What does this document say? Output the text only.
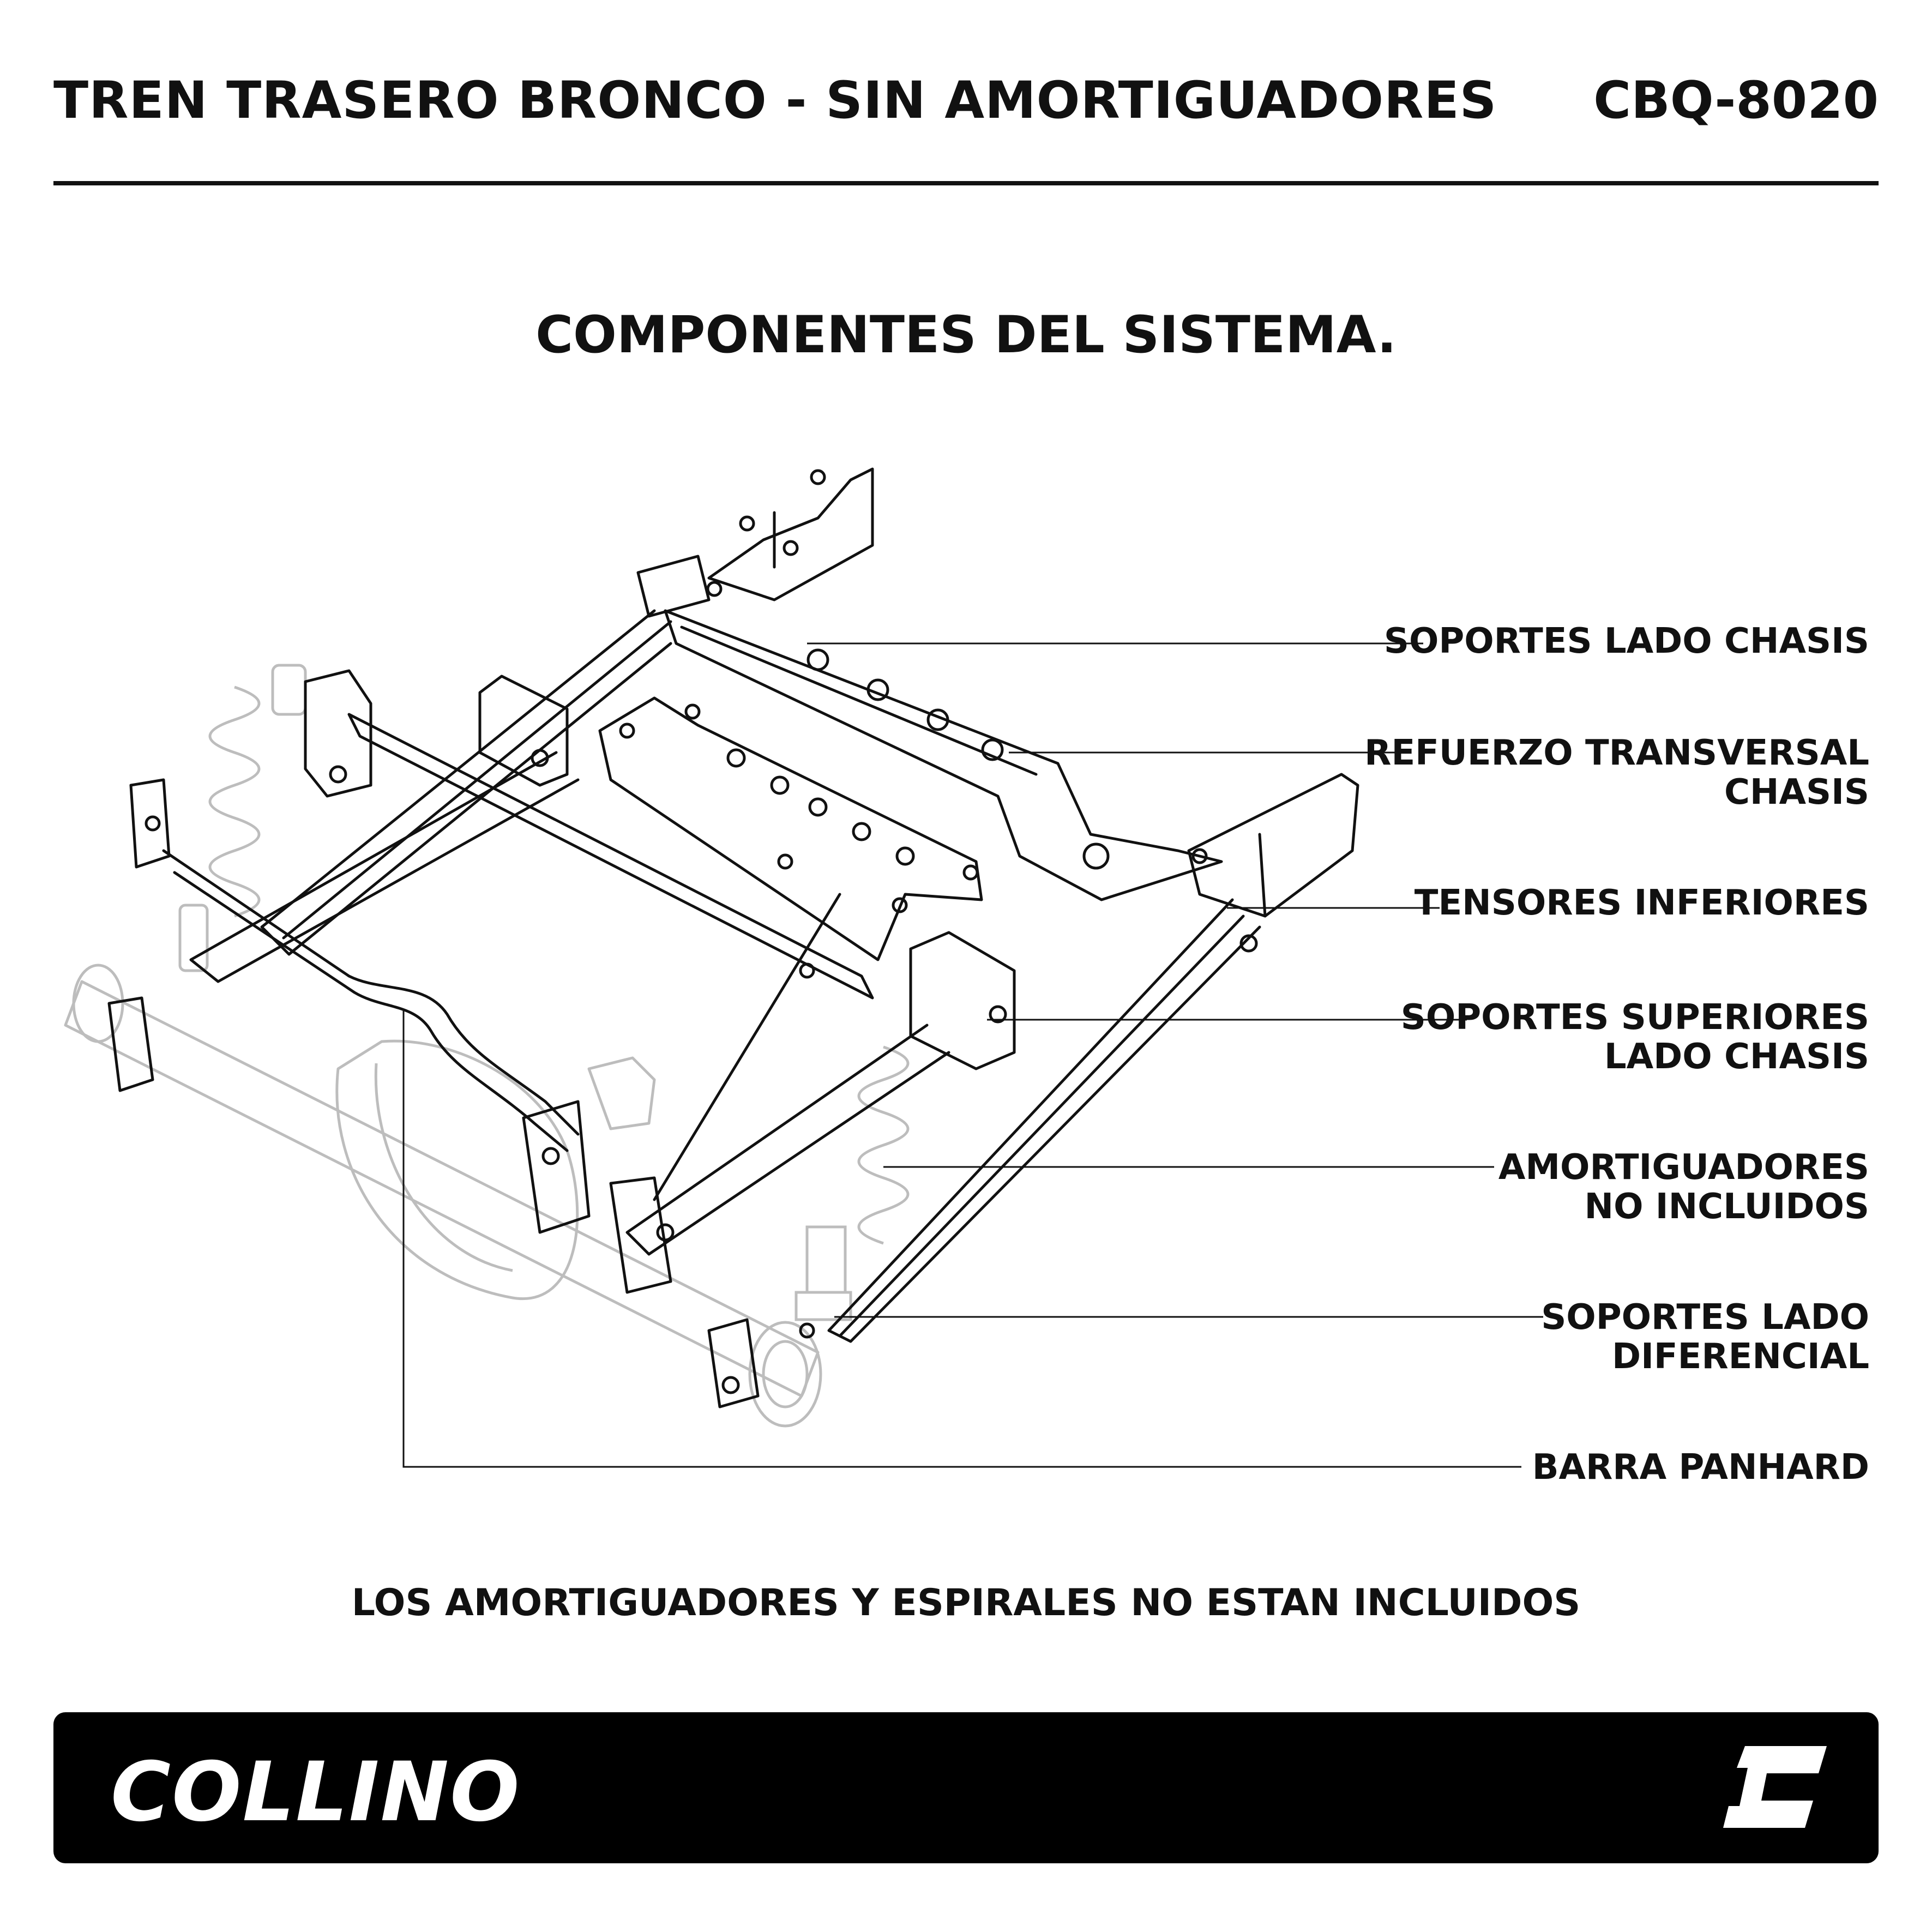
TREN TRASERO BRONCO - SIN AMORTIGUADORES CBQ-8020
COMPONENTES DEL SISTEMA.
SOPORTES LADO CHASIS
REFUERZO TRANSVERSAL
CHASIS
TENSORES INFERIORES
SOPORTES SUPERIORES
LADO CHASIS
AMORTIGUADORES
NO INCLUIDOS
SOPORTES LADO
DIFERENCIAL
BARRA PANHARD
LOS AMORTIGUADORES Y ESPIRALES NO ESTAN INCLUIDOS
COLLINO
